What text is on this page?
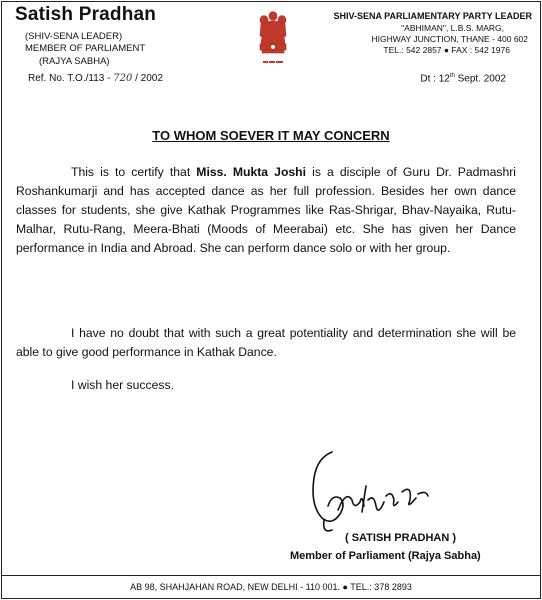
Satish Pradhan
(SHIV-SENA LEADER)
MEMBER OF PARLIAMENT
(RAJYA SABHA)
SHIV-SENA PARLIAMENTARY PARTY LEADER
"ABHIMAN", L.B.S. MARG,
HIGHWAY JUNCTION, THANE - 400 602
TEL.: 542 2857 ● FAX : 542 1976
Ref. No. T.O./113 - 720 / 2002	Dt : 12th Sept. 2002
TO WHOM SOEVER IT MAY CONCERN
This is to certify that Miss. Mukta Joshi is a disciple of Guru Dr. Padmashri Roshankumarji and has accepted dance as her full profession. Besides her own dance classes for students, she give Kathak Programmes like Ras-Shrigar, Bhav-Nayaika, Rutu-Malhar, Rutu-Rang, Meera-Bhati (Moods of Meerabai) etc. She has given her Dance performance in India and Abroad. She can perform dance solo or with her group.
I have no doubt that with such a great potentiality and determination she will be able to give good performance in Kathak Dance.
I wish her success.
( SATISH PRADHAN )
Member of Parliament (Rajya Sabha)
AB 98, SHAHJAHAN ROAD, NEW DELHI - 110 001. ● TEL.: 378 2893
